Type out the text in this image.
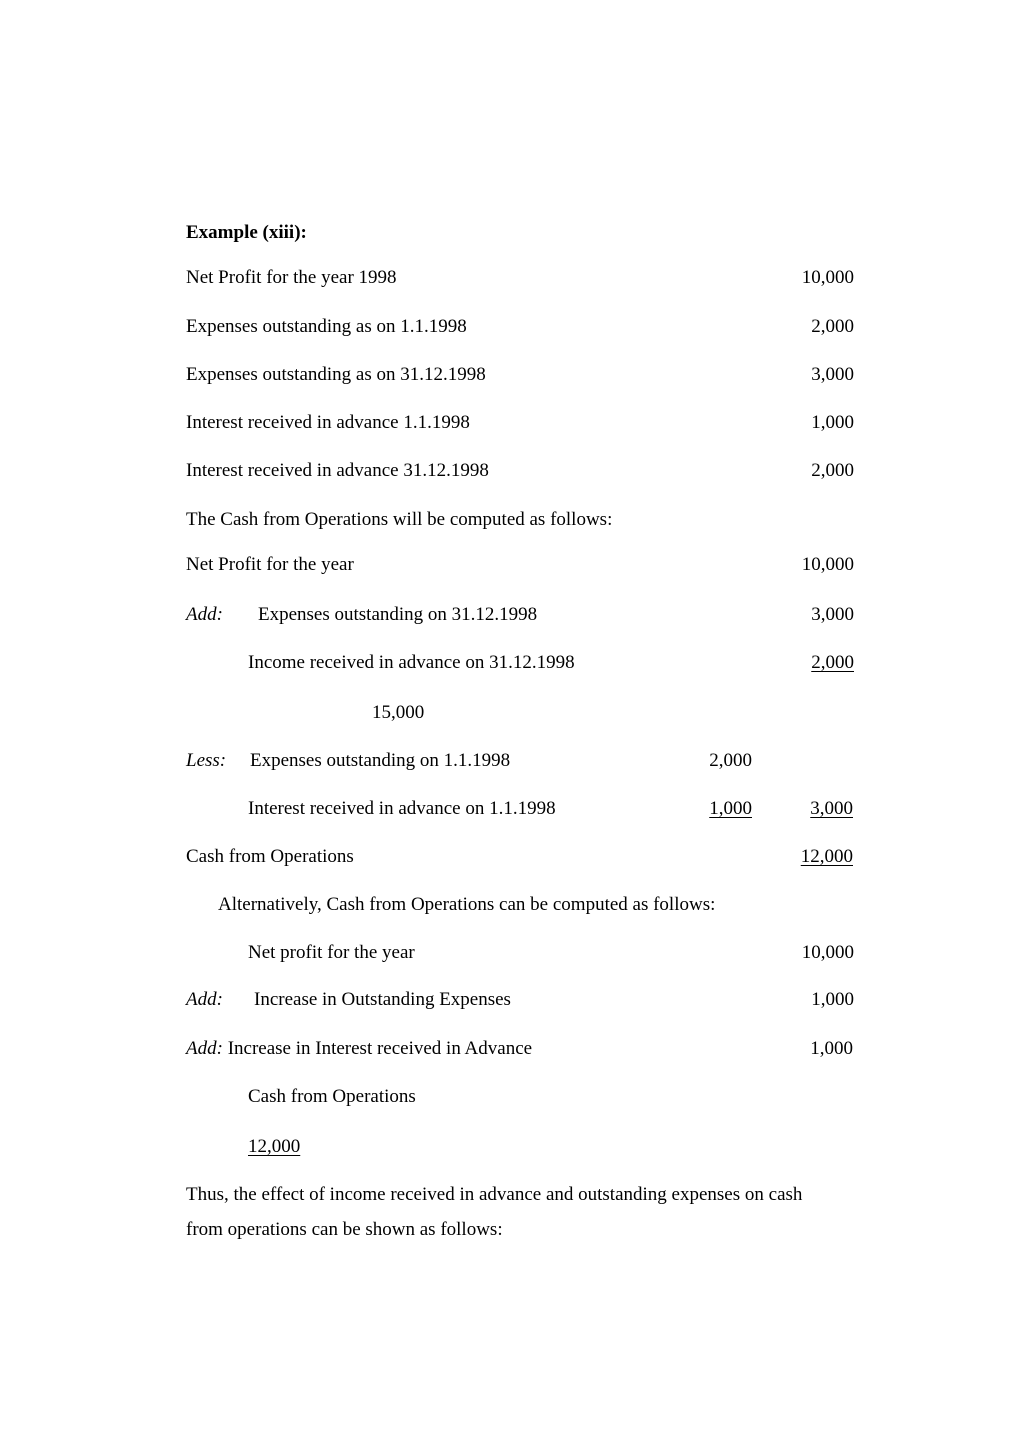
Example (xiii):
Net Profit for the year 1998	10,000
Expenses outstanding as on 1.1.1998	2,000
Expenses outstanding as on 31.12.1998	3,000
Interest received in advance 1.1.1998	1,000
Interest received in advance 31.12.1998	2,000
The Cash from Operations will be computed as follows:
Net Profit for the year	10,000
Add: Expenses outstanding on 31.12.1998	3,000
Income received in advance on 31.12.1998	2,000
15,000
Less: Expenses outstanding on 1.1.1998	2,000
Interest received in advance on 1.1.1998	1,000	3,000
Cash from Operations	12,000
Alternatively, Cash from Operations can be computed as follows:
Net profit for the year	10,000
Add: Increase in Outstanding Expenses	1,000
Add: Increase in Interest received in Advance	1,000
Cash from Operations
12,000
Thus, the effect of income received in advance and outstanding expenses on cash
from operations can be shown as follows:
